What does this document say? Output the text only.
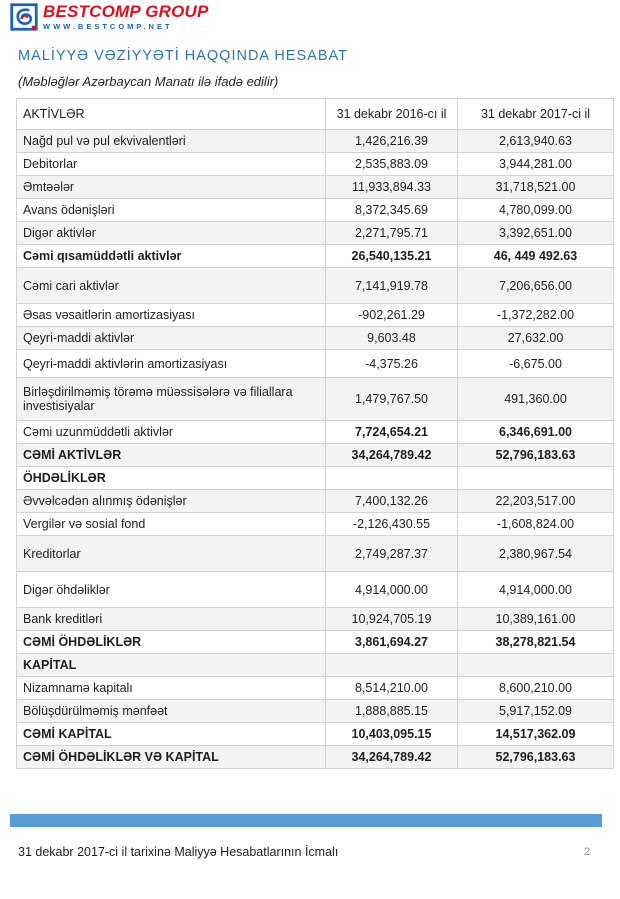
BESTCOMP GROUP
WWW.BESTCOMP.NET
MALİYYƏ VƏZİYYƏTİ HAQQINDA HESABAT
(Məbləğlər Azərbaycan Manatı ilə ifadə edilir)
AKTİVLƏR	31 dekabr 2016-cı il	31 dekabr 2017-ci il
Nağd pul və pul ekvivalentləri	1,426,216.39	2,613,940.63
Debitorlar	2,535,883.09	3,944,281.00
Əmtəələr	11,933,894.33	31,718,521.00
Avans ödənişləri	8,372,345.69	4,780,099.00
Digər aktivlər	2,271,795.71	3,392,651.00
Cəmi qısamüddətli aktivlər	26,540,135.21	46, 449 492.63
Cəmi cari aktivlər	7,141,919.78	7,206,656.00
Əsas vəsaitlərin amortizasiyası	-902,261.29	-1,372,282.00
Qeyri-maddi aktivlər	9,603.48	27,632.00
Qeyri-maddi aktivlərin amortizasiyası	-4,375.26	-6,675.00
Birləşdirilməmiş törəmə müəssisələrə və filiallara investisiyalar	1,479,767.50	491,360.00
Cəmi uzunmüddətli aktivlər	7,724,654.21	6,346,691.00
CƏMİ AKTİVLƏR	34,264,789.42	52,796,183.63
ÖHDƏLİKLƏR		
Əvvəlcədən alınmış ödənişlər	7,400,132.26	22,203,517.00
Vergilər və sosial fond	-2,126,430.55	-1,608,824.00
Kreditorlar	2,749,287.37	2,380,967.54
Digər öhdəliklər	4,914,000.00	4,914,000.00
Bank kreditləri	10,924,705.19	10,389,161.00
CƏMİ ÖHDƏLİKLƏR	3,861,694.27	38,278,821.54
KAPİTAL		
Nizamnamə kapitalı	8,514,210.00	8,600,210.00
Bölüşdürülməmiş mənfəət	1,888,885.15	5,917,152.09
CƏMİ KAPİTAL	10,403,095.15	14,517,362.09
CƏMİ ÖHDƏLİKLƏR VƏ KAPİTAL	34,264,789.42	52,796,183.63
31 dekabr 2017-ci il tarixinə Maliyyə Hesabatlarının İcmalı	2
